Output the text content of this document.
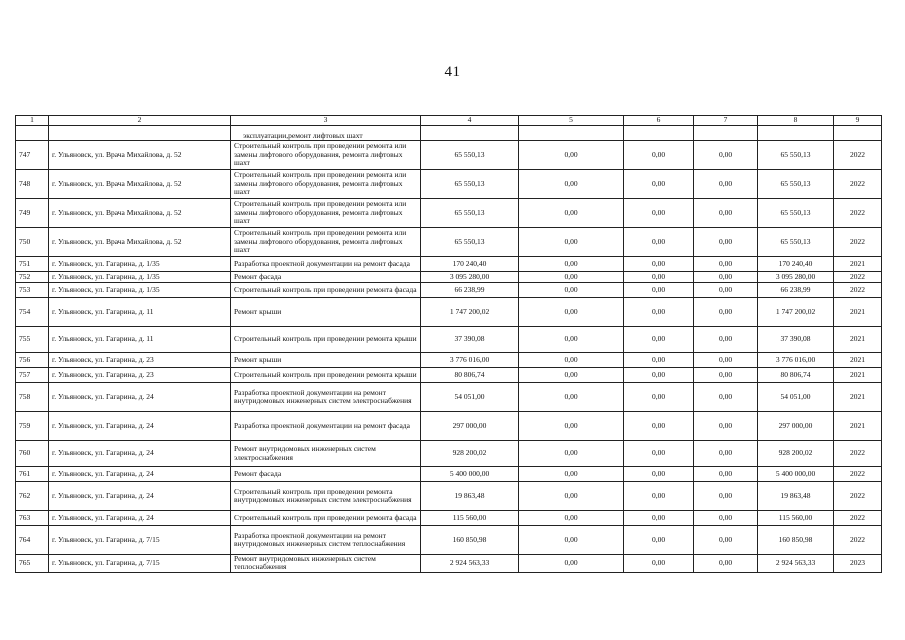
41
1	2	3	4	5	6	7	8	9
		эксплуатации,ремонт лифтовых шахт						
747	г. Ульяновск, ул. Врача Михайлова, д. 52	Строительный контроль при проведении ремонта или замены лифтового оборудования, ремонта лифтовых шахт	65 550,13	0,00	0,00	0,00	65 550,13	2022
748	г. Ульяновск, ул. Врача Михайлова, д. 52	Строительный контроль при проведении ремонта или замены лифтового оборудования, ремонта лифтовых шахт	65 550,13	0,00	0,00	0,00	65 550,13	2022
749	г. Ульяновск, ул. Врача Михайлова, д. 52	Строительный контроль при проведении ремонта или замены лифтового оборудования, ремонта лифтовых шахт	65 550,13	0,00	0,00	0,00	65 550,13	2022
750	г. Ульяновск, ул. Врача Михайлова, д. 52	Строительный контроль при проведении ремонта или замены лифтового оборудования, ремонта лифтовых шахт	65 550,13	0,00	0,00	0,00	65 550,13	2022
751	г. Ульяновск, ул. Гагарина, д. 1/35	Разработка проектной документации на ремонт фасада	170 240,40	0,00	0,00	0,00	170 240,40	2021
752	г. Ульяновск, ул. Гагарина, д. 1/35	Ремонт фасада	3 095 280,00	0,00	0,00	0,00	3 095 280,00	2022
753	г. Ульяновск, ул. Гагарина, д. 1/35	Строительный контроль при проведении ремонта фасада	66 238,99	0,00	0,00	0,00	66 238,99	2022
754	г. Ульяновск, ул. Гагарина, д. 11	Ремонт крыши	1 747 200,02	0,00	0,00	0,00	1 747 200,02	2021
755	г. Ульяновск, ул. Гагарина, д. 11	Строительный контроль при проведении ремонта крыши	37 390,08	0,00	0,00	0,00	37 390,08	2021
756	г. Ульяновск, ул. Гагарина, д. 23	Ремонт крыши	3 776 016,00	0,00	0,00	0,00	3 776 016,00	2021
757	г. Ульяновск, ул. Гагарина, д. 23	Строительный контроль при проведении ремонта крыши	80 806,74	0,00	0,00	0,00	80 806,74	2021
758	г. Ульяновск, ул. Гагарина, д. 24	Разработка проектной документации на ремонт внутридомовых инженерных систем электроснабжения	54 051,00	0,00	0,00	0,00	54 051,00	2021
759	г. Ульяновск, ул. Гагарина, д. 24	Разработка проектной документации на ремонт фасада	297 000,00	0,00	0,00	0,00	297 000,00	2021
760	г. Ульяновск, ул. Гагарина, д. 24	Ремонт внутридомовых инженерных систем электроснабжения	928 200,02	0,00	0,00	0,00	928 200,02	2022
761	г. Ульяновск, ул. Гагарина, д. 24	Ремонт фасада	5 400 000,00	0,00	0,00	0,00	5 400 000,00	2022
762	г. Ульяновск, ул. Гагарина, д. 24	Строительный контроль при проведении ремонта внутридомовых инженерных систем электроснабжения	19 863,48	0,00	0,00	0,00	19 863,48	2022
763	г. Ульяновск, ул. Гагарина, д. 24	Строительный контроль при проведении ремонта фасада	115 560,00	0,00	0,00	0,00	115 560,00	2022
764	г. Ульяновск, ул. Гагарина, д. 7/15	Разработка проектной документации на ремонт внутридомовых инженерных систем теплоснабжения	160 850,98	0,00	0,00	0,00	160 850,98	2022
765	г. Ульяновск, ул. Гагарина, д. 7/15	Ремонт внутридомовых инженерных систем теплоснабжения	2 924 563,33	0,00	0,00	0,00	2 924 563,33	2023
